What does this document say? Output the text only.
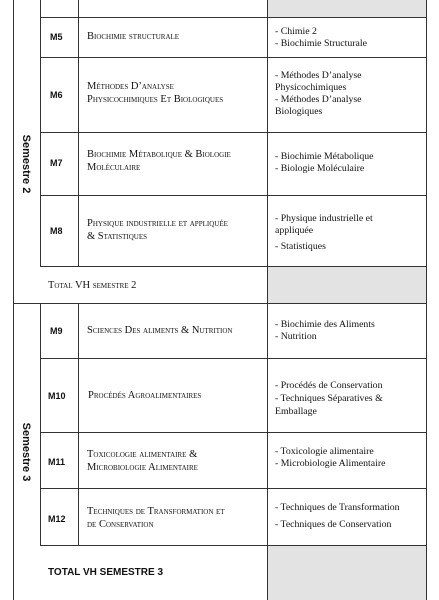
Semestre 2
Semestre 3
M5 Biochimie structurale	- Chimie 2
- Biochimie Structurale
M6
Méthodes D’analyse
Physicochimiques Et Biologiques
- Méthodes D’analyse
Physicochimiques
- Méthodes D’analyse
Biologiques
M7
Biochimie Métabolique & Biologie
Moléculaire
- Biochimie Métabolique
- Biologie Moléculaire
M8
Physique industrielle et appliquée
& Statistiques
- Physique industrielle et
appliquée
- Statistiques
Total VH semestre 2
M9 Sciences Des aliments & Nutrition
- Biochimie des Aliments
- Nutrition
M10 Procédés Agroalimentaires
- Procédés de Conservation
- Techniques Séparatives &
Emballage
M11
Toxicologie alimentaire &
Microbiologie Alimentaire
- Toxicologie alimentaire
- Microbiologie Alimentaire
M12
Techniques de Transformation et
de Conservation
- Techniques de Transformation
- Techniques de Conservation
TOTAL VH SEMESTRE 3
